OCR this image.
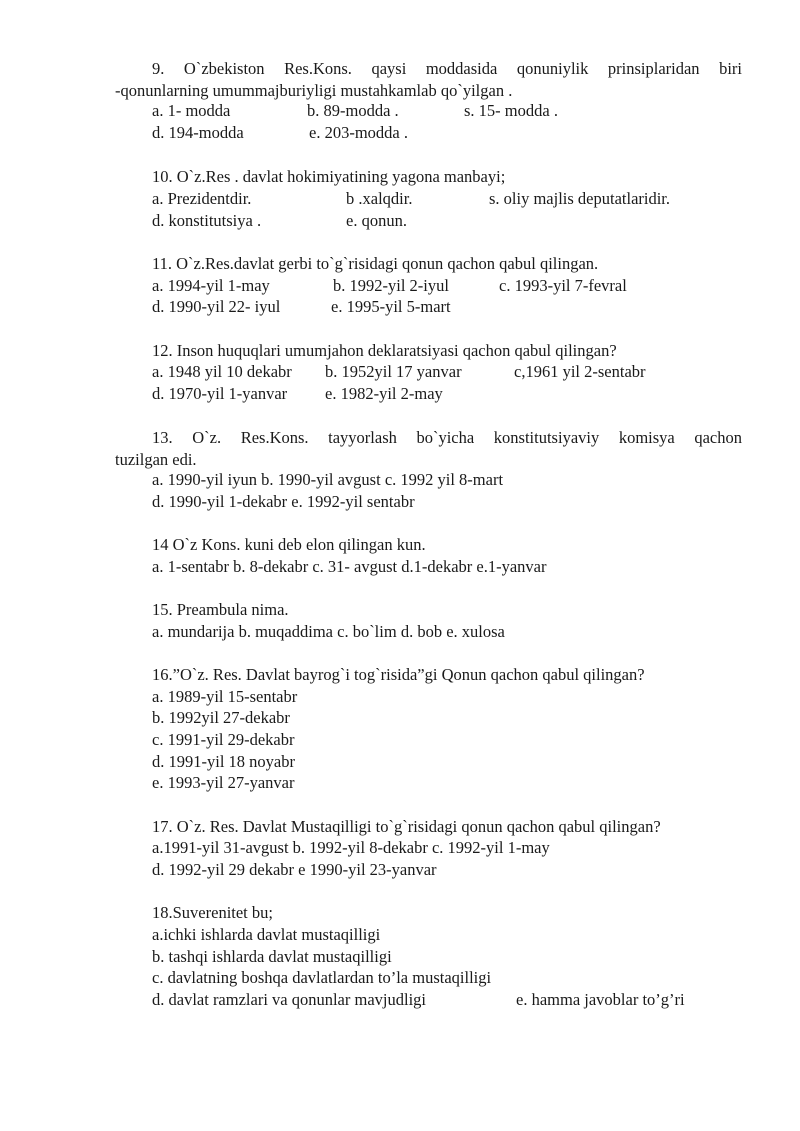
9. O`zbekiston Res.Kons. qaysi moddasida qonuniylik prinsiplaridan biri
-qonunlarning umummajburiyligi mustahkamlab qo`yilgan .
a. 1- modda	b. 89-modda .	s. 15- modda .
d. 194-modda	e. 203-modda .
10. O`z.Res . davlat hokimiyatining yagona manbayi;
a. Prezidentdir.	b .xalqdir.	s. oliy majlis deputatlaridir.
d. konstitutsiya .	e. qonun.
11. O`z.Res.davlat gerbi to`g`risidagi qonun qachon qabul qilingan.
a. 1994-yil 1-may	b. 1992-yil 2-iyul	c. 1993-yil 7-fevral
d. 1990-yil 22- iyul	e. 1995-yil 5-mart
12. Inson huquqlari umumjahon deklaratsiyasi qachon qabul qilingan?
a. 1948 yil 10 dekabr b. 1952yil 17 yanvar	c,1961 yil 2-sentabr
d. 1970-yil 1-yanvar e. 1982-yil 2-may
13. O`z. Res.Kons. tayyorlash bo`yicha konstitutsiyaviy komisya qachon
tuzilgan edi.
a. 1990-yil iyun b. 1990-yil avgust c. 1992 yil 8-mart
d. 1990-yil 1-dekabr e. 1992-yil sentabr
14 O`z Kons. kuni deb elon qilingan kun.
a. 1-sentabr b. 8-dekabr c. 31- avgust d.1-dekabr e.1-yanvar
15. Preambula nima.
a. mundarija b. muqaddima c. bo`lim d. bob e. xulosa
16.”O`z. Res. Davlat bayrog`i tog`risida”gi Qonun qachon qabul qilingan?
a. 1989-yil 15-sentabr
b. 1992yil 27-dekabr
c. 1991-yil 29-dekabr
d. 1991-yil 18 noyabr
e. 1993-yil 27-yanvar
17. O`z. Res. Davlat Mustaqilligi to`g`risidagi qonun qachon qabul qilingan?
a.1991-yil 31-avgust b. 1992-yil 8-dekabr c. 1992-yil 1-may
d. 1992-yil 29 dekabr e 1990-yil 23-yanvar
18.Suverenitet bu;
a.ichki ishlarda davlat mustaqilligi
b. tashqi ishlarda davlat mustaqilligi
c. davlatning boshqa davlatlardan to’la mustaqilligi
d. davlat ramzlari va qonunlar mavjudligi	e. hamma javoblar to’g’ri
